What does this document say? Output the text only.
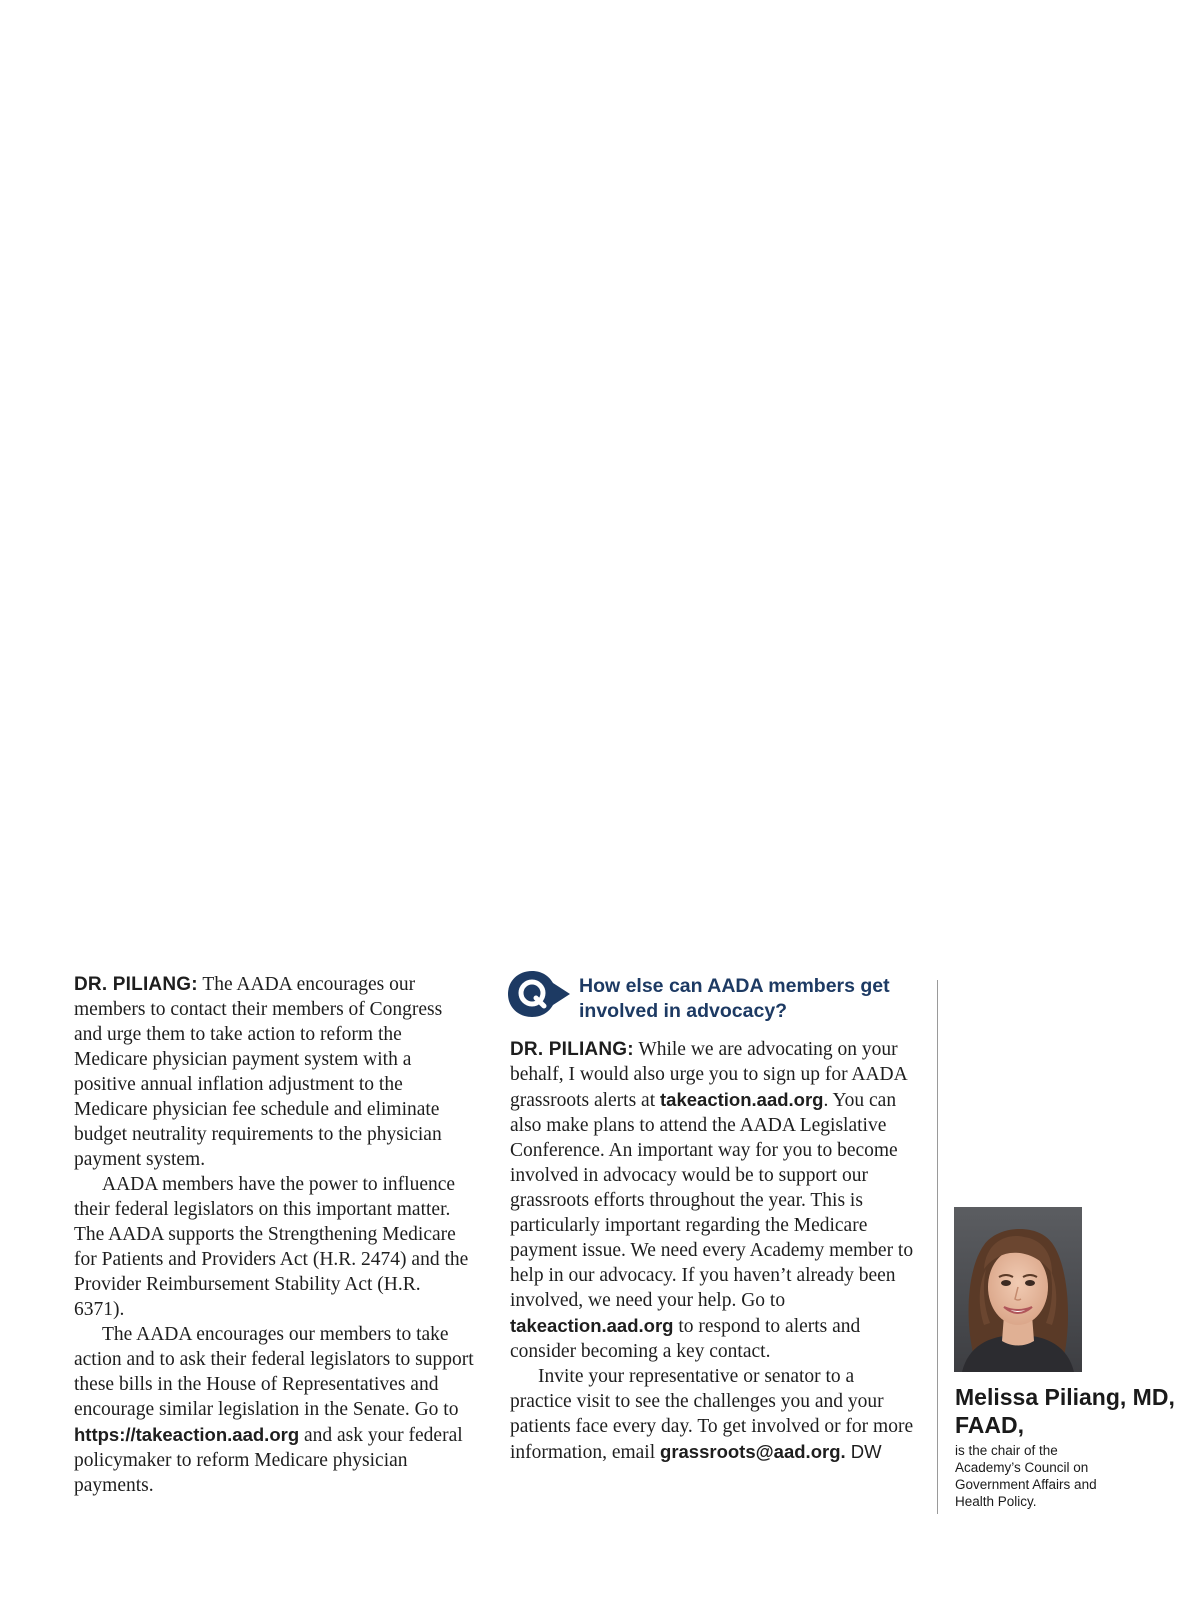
DR. PILIANG: The AADA encourages our members to contact their members of Congress and urge them to take action to reform the Medicare physician payment system with a positive annual inflation adjustment to the Medicare physician fee schedule and eliminate budget neutrality requirements to the physician payment system.

AADA members have the power to influence their federal legislators on this important matter. The AADA supports the Strengthening Medicare for Patients and Providers Act (H.R. 2474) and the Provider Reimbursement Stability Act (H.R. 6371).

The AADA encourages our members to take action and to ask their federal legislators to support these bills in the House of Representatives and encourage similar legislation in the Senate. Go to https://takeaction.aad.org and ask your federal policymaker to reform Medicare physician payments.

How else can AADA members get involved in advocacy?

DR. PILIANG: While we are advocating on your behalf, I would also urge you to sign up for AADA grassroots alerts at takeaction.aad.org. You can also make plans to attend the AADA Legislative Conference. An important way for you to become involved in advocacy would be to support our grassroots efforts throughout the year. This is particularly important regarding the Medicare payment issue. We need every Academy member to help in our advocacy. If you haven’t already been involved, we need your help. Go to takeaction.aad.org to respond to alerts and consider becoming a key contact.

Invite your representative or senator to a practice visit to see the challenges you and your patients face every day. To get involved or for more information, email grassroots@aad.org. DW

Melissa Piliang, MD, FAAD,
is the chair of the Academy’s Council on Government Affairs and Health Policy.
